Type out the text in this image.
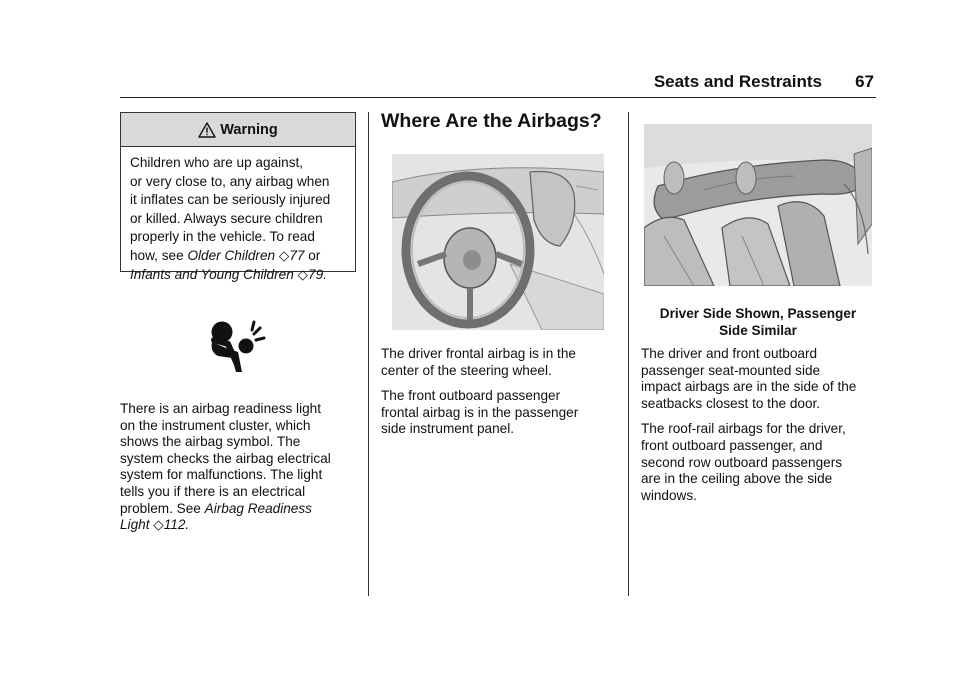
Seats and Restraints 67
Warning
Children who are up against,
or very close to, any airbag when
it inflates can be seriously injured
or killed. Always secure children
properly in the vehicle. To read
how, see Older Children ◇77 or
Infants and Young Children ◇79.
There is an airbag readiness light
on the instrument cluster, which
shows the airbag symbol. The
system checks the airbag electrical
system for malfunctions. The light
tells you if there is an electrical
problem. See Airbag Readiness
Light ◇112.
Where Are the Airbags?

The driver frontal airbag is in the
center of the steering wheel.

The front outboard passenger
frontal airbag is in the passenger
side instrument panel.

Driver Side Shown, Passenger
Side Similar

The driver and front outboard
passenger seat-mounted side
impact airbags are in the side of the
seatbacks closest to the door.

The roof-rail airbags for the driver,
front outboard passenger, and
second row outboard passengers
are in the ceiling above the side
windows.
